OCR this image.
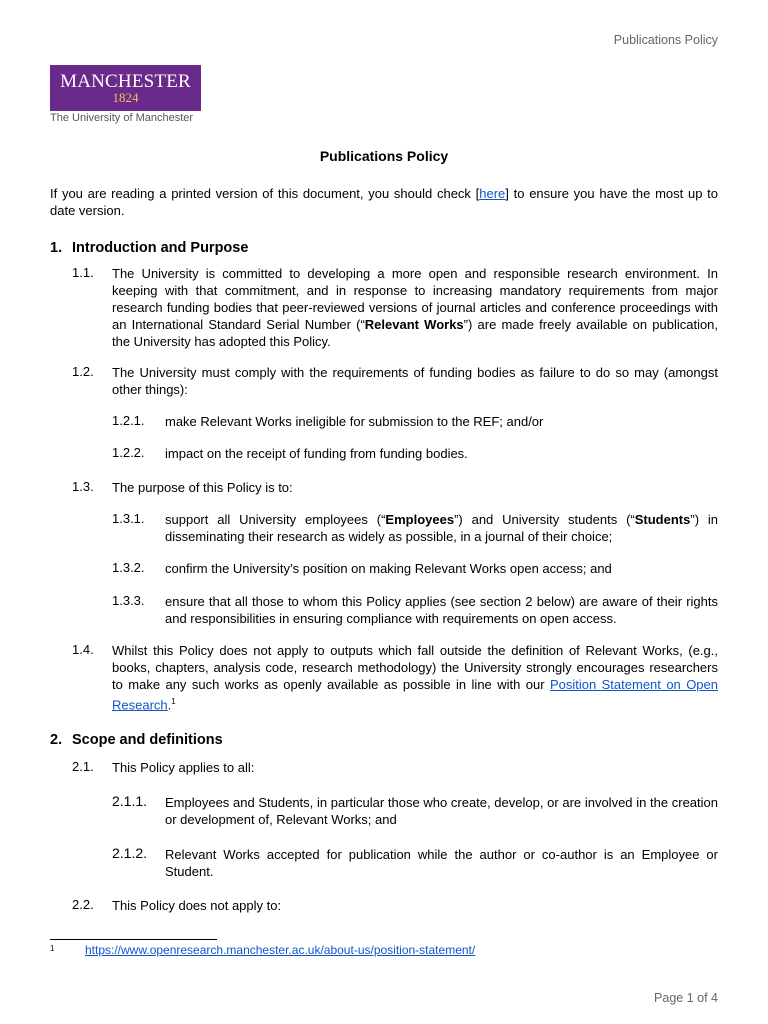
Publications Policy
MANCHESTER
1824
The University of Manchester
Publications Policy
If you are reading a printed version of this document, you should check [here] to ensure you have the most up to date version.
1. Introduction and Purpose
1.1. The University is committed to developing a more open and responsible research environment. In keeping with that commitment, and in response to increasing mandatory requirements from major research funding bodies that peer-reviewed versions of journal articles and conference proceedings with an International Standard Serial Number (“Relevant Works”) are made freely available on publication, the University has adopted this Policy.
1.2. The University must comply with the requirements of funding bodies as failure to do so may (amongst other things):
1.2.1. make Relevant Works ineligible for submission to the REF; and/or
1.2.2. impact on the receipt of funding from funding bodies.
1.3. The purpose of this Policy is to:
1.3.1. support all University employees (“Employees”) and University students (“Students”) in disseminating their research as widely as possible, in a journal of their choice;
1.3.2. confirm the University’s position on making Relevant Works open access; and
1.3.3. ensure that all those to whom this Policy applies (see section 2 below) are aware of their rights and responsibilities in ensuring compliance with requirements on open access.
1.4. Whilst this Policy does not apply to outputs which fall outside the definition of Relevant Works, (e.g., books, chapters, analysis code, research methodology) the University strongly encourages researchers to make any such works as openly available as possible in line with our Position Statement on Open Research.$^1$
2. Scope and definitions
2.1. This Policy applies to all:
2.1.1. Employees and Students, in particular those who create, develop, or are involved in the creation or development of, Relevant Works; and
2.1.2. Relevant Works accepted for publication while the author or co-author is an Employee or Student.
2.2. This Policy does not apply to:
1	https://www.openresearch.manchester.ac.uk/about-us/position-statement/
Page 1 of 4
